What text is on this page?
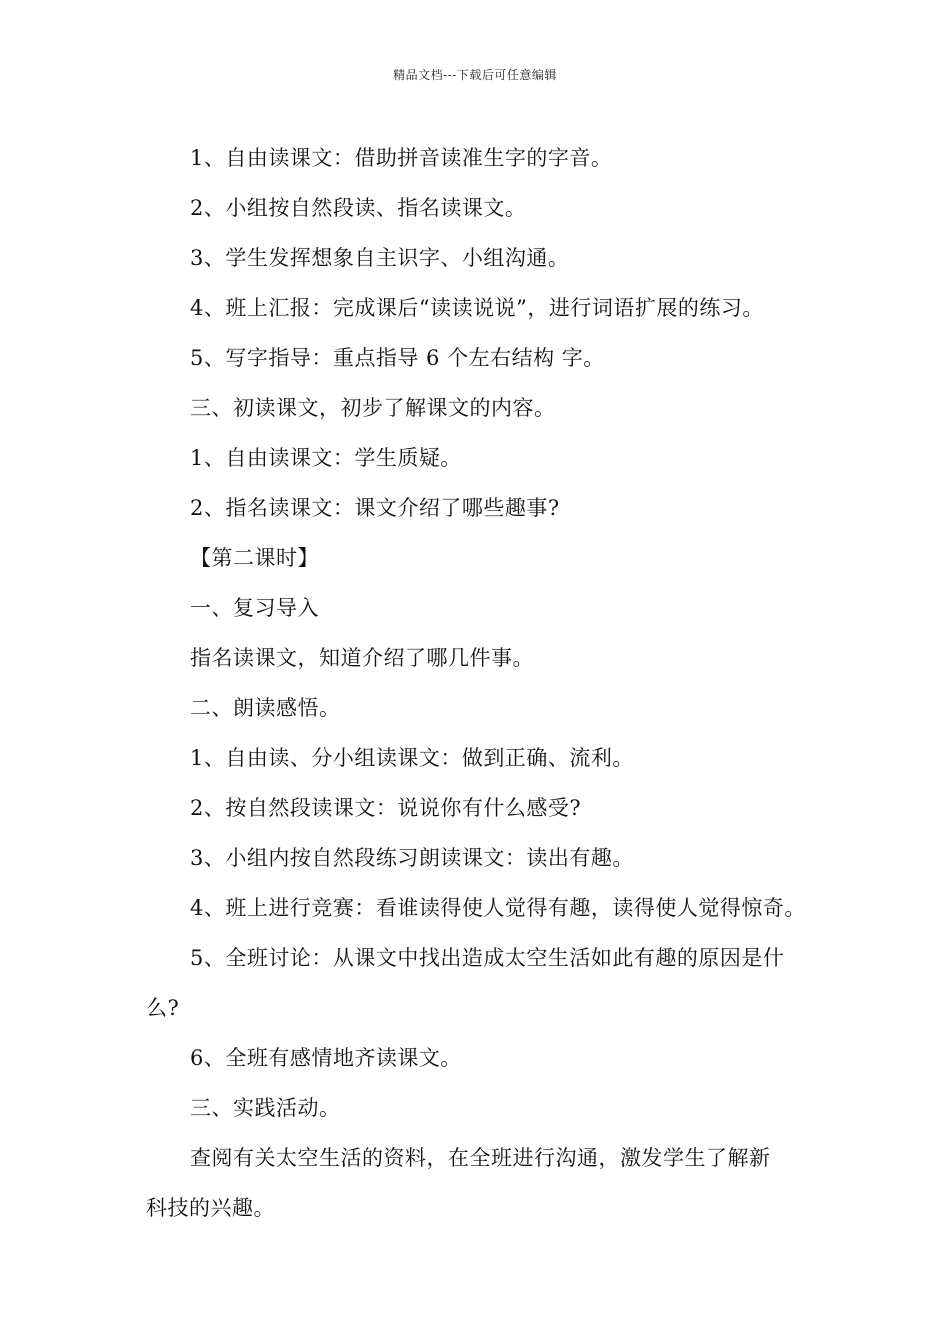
精品文档---下载后可任意编辑
1、自由读课文：借助拼音读准生字的字音。
2、小组按自然段读、指名读课文。
3、学生发挥想象自主识字、小组沟通。
4、班上汇报：完成课后“读读说说”，进行词语扩展的练习。
5、写字指导：重点指导 6 个左右结构 字。
三、初读课文，初步了解课文的内容。
1、自由读课文：学生质疑。
2、指名读课文：课文介绍了哪些趣事?
【第二课时】
一、复习导入
指名读课文，知道介绍了哪几件事。
二、朗读感悟。
1、自由读、分小组读课文：做到正确、流利。
2、按自然段读课文：说说你有什么感受?
3、小组内按自然段练习朗读课文：读出有趣。
4、班上进行竞赛：看谁读得使人觉得有趣，读得使人觉得惊奇。
5、全班讨论：从课文中找出造成太空生活如此有趣的原因是什
么?
6、全班有感情地齐读课文。
三、实践活动。
查阅有关太空生活的资料，在全班进行沟通，激发学生了解新
科技的兴趣。
